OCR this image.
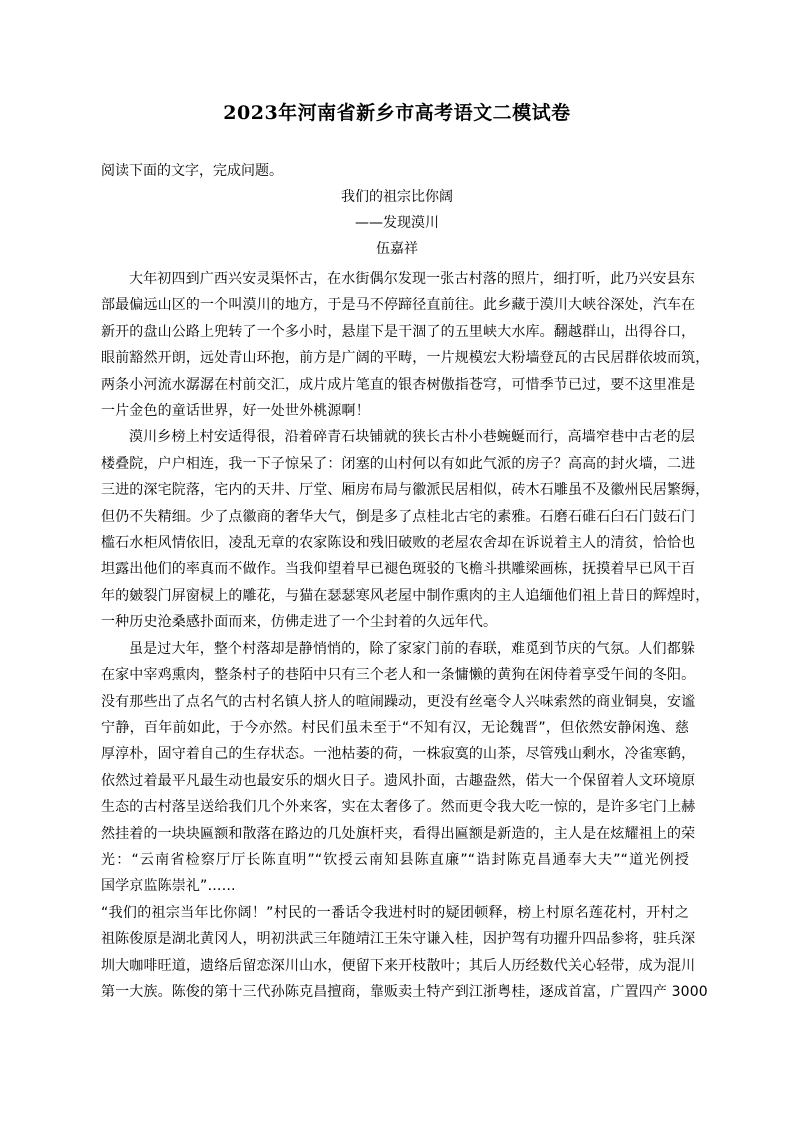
2023年河南省新乡市高考语文二模试卷
阅读下面的文字，完成问题。
我们的祖宗比你阔
——发现漠川
伍嘉祥

大年初四到广西兴安灵渠怀古，在水街偶尔发现一张古村落的照片，细打听，此乃兴安县东
部最偏远山区的一个叫漠川的地方，于是马不停蹄径直前往。此乡藏于漠川大峡谷深处，汽车在
新开的盘山公路上兜转了一个多小时，悬崖下是干涸了的五里峡大水库。翻越群山，出得谷口，
眼前豁然开朗，远处青山环抱，前方是广阔的平畴，一片规模宏大粉墙登瓦的古民居群依坡而筑，
两条小河流水潺潺在村前交汇，成片成片笔直的银杏树傲指苍穹，可惜季节已过，要不这里准是
一片金色的童话世界，好一处世外桃源啊！

漠川乡榜上村安适得很，沿着碎青石块铺就的狭长古朴小巷蜿蜒而行，高墙窄巷中古老的层
楼叠院，户户相连，我一下子惊呆了：闭塞的山村何以有如此气派的房子？高高的封火墙，二进
三进的深宅院落，宅内的天井、厅堂、厢房布局与徽派民居相似，砖木石雕虽不及徽州民居繁缛，
但仍不失精细。少了点徽商的奢华大气，倒是多了点桂北古宅的素雅。石磨石碓石臼石门鼓石门
槛石水柜风情依旧，凌乱无章的农家陈设和残旧破败的老屋农舍却在诉说着主人的清贫，恰恰也
坦露出他们的率真而不做作。当我仰望着早已褪色斑驳的飞檐斗拱雕梁画栋，抚摸着早已风干百
年的皴裂门屏窗棂上的雕花，与猫在瑟瑟寒风老屋中制作熏肉的主人追缅他们祖上昔日的辉煌时，
一种历史沧桑感扑面而来，仿佛走进了一个尘封着的久远年代。

虽是过大年，整个村落却是静悄悄的，除了家家门前的春联，难觅到节庆的气氛。人们都躲
在家中宰鸡熏肉，整条村子的巷陌中只有三个老人和一条慵懒的黄狗在闲侍着享受午间的冬阳。
没有那些出了点名气的古村名镇人挤人的喧闹躁动，更没有丝毫令人兴味索然的商业铜臭，安谧
宁静，百年前如此，于今亦然。村民们虽未至于“不知有汉，无论魏晋”，但依然安静闲逸、慈
厚淳朴，固守着自己的生存状态。一池枯萎的荷，一株寂寞的山茶，尽管残山剩水，冷雀寒鹤，
依然过着最平凡最生动也最安乐的烟火日子。遗风扑面，古趣盎然，偌大一个保留着人文环境原
生态的古村落呈送给我们几个外来客，实在太奢侈了。然而更令我大吃一惊的，是许多宅门上赫
然挂着的一块块匾额和散落在路边的几处旗杆夹，看得出匾额是新造的，主人是在炫耀祖上的荣
光：“云南省检察厅厅长陈直明”“钦授云南知县陈直廉”“诰封陈克昌通奉大夫”“道光例授
国学京监陈崇礼”……

“我们的祖宗当年比你阔！”村民的一番话令我进村时的疑团顿释，榜上村原名莲花村，开村之
祖陈俊原是湖北黄冈人，明初洪武三年随靖江王朱守谦入桂，因护驾有功擢升四品参将，驻兵深
圳大咖啡旺道，遗络后留恋深川山水，便留下来开枝散叶；其后人历经数代关心轻带，成为混川
第一大族。陈俊的第十三代孙陈克昌擅商，靠贩卖土特产到江浙粤桂，逐成首富，广置四产 3000
